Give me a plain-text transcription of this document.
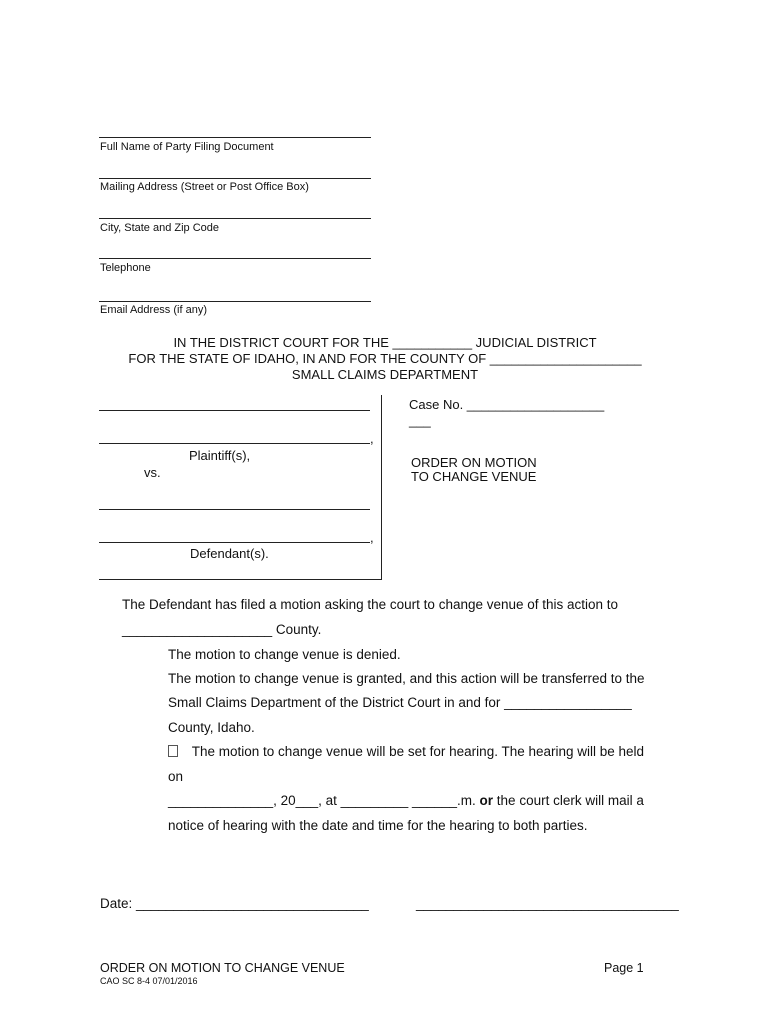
Full Name of Party Filing Document
Mailing Address (Street or Post Office Box)
City, State and Zip Code
Telephone
Email Address (if any)
IN THE DISTRICT COURT FOR THE ___________ JUDICIAL DISTRICT
FOR THE STATE OF IDAHO, IN AND FOR THE COUNTY OF _____________________
SMALL CLAIMS DEPARTMENT
,
Plaintiff(s),
vs.
,
Defendant(s).
Case No. ___________________
___
ORDER ON MOTION
TO CHANGE VENUE
The Defendant has filed a motion asking the court to change venue of this action to
____________________ County.
The motion to change venue is denied.
The motion to change venue is granted, and this action will be transferred to the
Small Claims Department of the District Court in and for _________________
County, Idaho.
The motion to change venue will be set for hearing. The hearing will be held
on
______________, 20___, at _________ ______.m. or the court clerk will mail a
notice of hearing with the date and time for the hearing to both parties.
Date: _______________________________	___________________________________
ORDER ON MOTION TO CHANGE VENUE
CAO SC 8-4 07/01/2016
Page 1
